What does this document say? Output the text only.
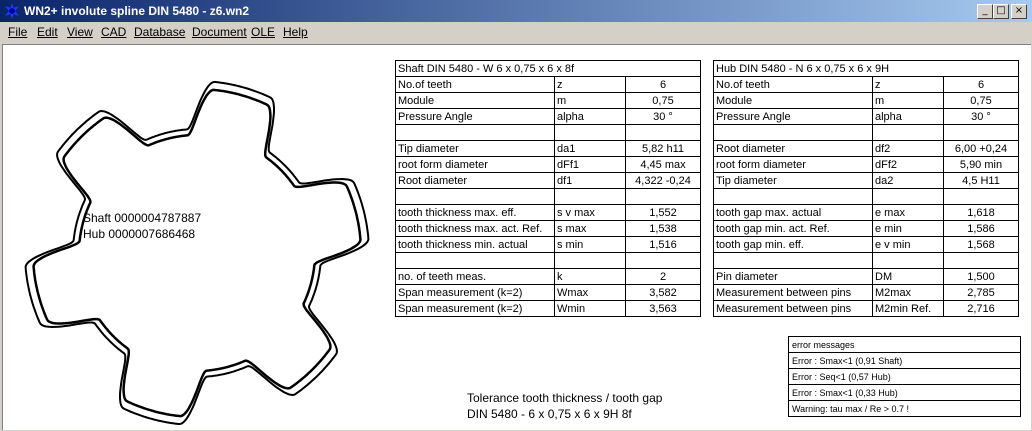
WN2+ involute spline DIN 5480 - z6.wn2	_ □ ×
File Edit View CAD Database Document OLE Help
Shaft 0000004787887
Hub 0000007686468
Shaft DIN 5480 - W 6 x 0,75 x 6 x 8f		
No.of teeth	z	6
Module	m	0,75
Pressure Angle	alpha	30 °

Tip diameter	da1	5,82 h11
root form diameter	dFf1	4,45 max
Root diameter	df1	4,322 -0,24

tooth thickness max. eff.	s v max	1,552
tooth thickness max. act. Ref.	s max	1,538
tooth thickness min. actual	s min	1,516

no. of teeth meas.	k	2
Span measurement (k=2)	Wmax	3,582
Span measurement (k=2)	Wmin	3,563
Hub DIN 5480 - N 6 x 0,75 x 6 x 9H		
No.of teeth	z	6
Module	m	0,75
Pressure Angle	alpha	30 °

Root diameter	df2	6,00 +0,24
root form diameter	dFf2	5,90 min
Tip diameter	da2	4,5 H11

tooth gap max. actual	e max	1,618
tooth gap min. act. Ref.	e min	1,586
tooth gap min. eff.	e v min	1,568

Pin diameter	DM	1,500
Measurement between pins	M2max	2,785
Measurement between pins	M2min Ref.	2,716
error messages
Error : Smax<1 (0,91 Shaft)
Error : Seq<1 (0,57 Hub)
Error : Smax<1 (0,33 Hub)
Warning: tau max / Re > 0.7 !
Tolerance tooth thickness / tooth gap
DIN 5480 - 6 x 0,75 x 6 x 9H 8f
